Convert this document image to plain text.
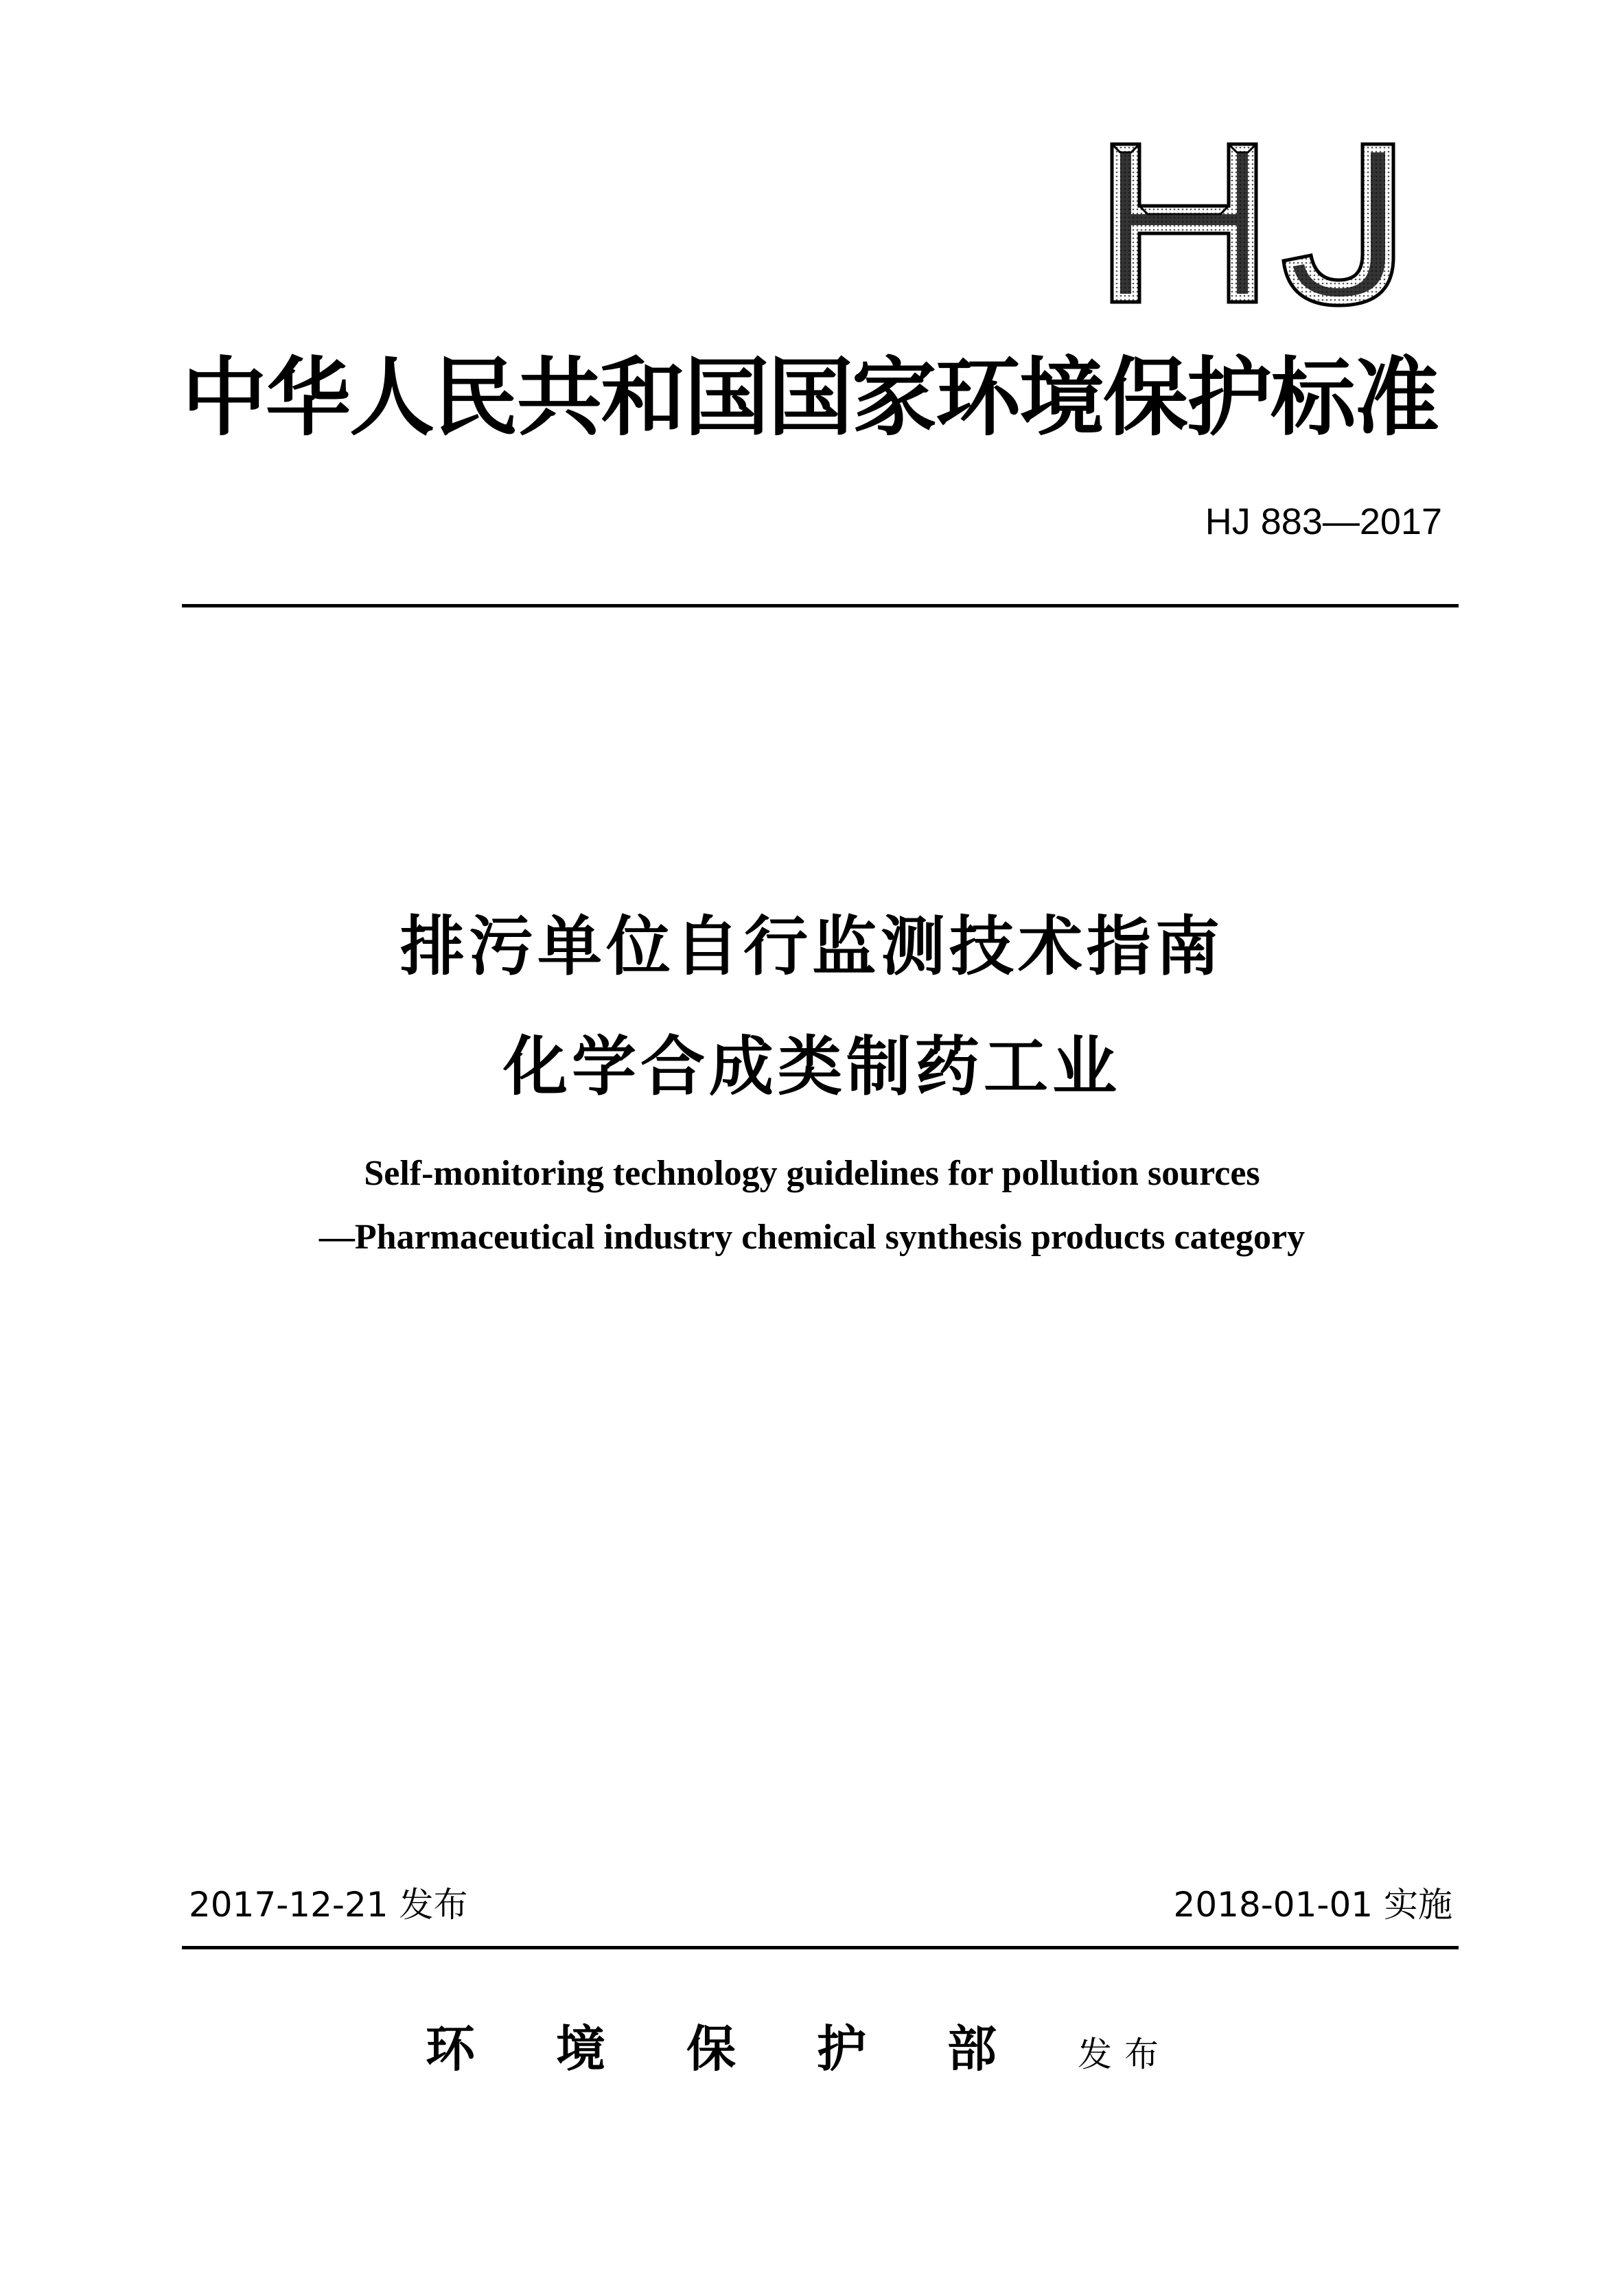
中华人民共和国国家环境保护标准
HJ 883—2017
排污单位自行监测技术指南
化学合成类制药工业
Self-monitoring technology guidelines for pollution sources
—Pharmaceutical industry chemical synthesis products category
2017-12-21 发布	2018-01-01 实施
环境保护部发布
